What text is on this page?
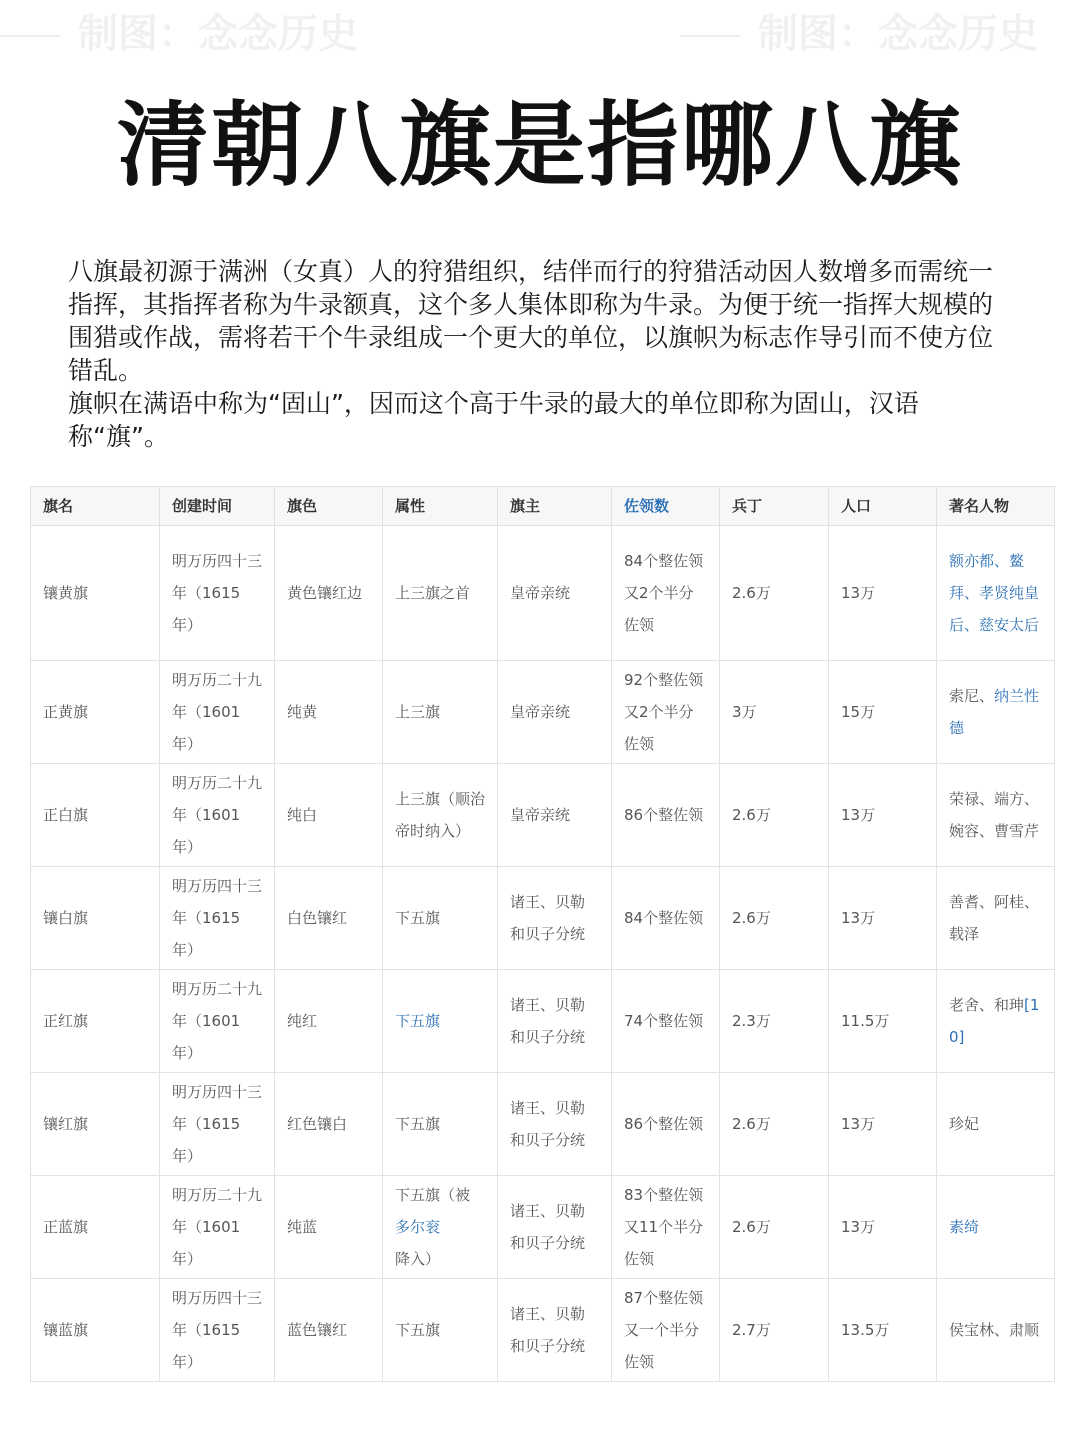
制图：念念历史	制图：念念历史
清朝八旗是指哪八旗

八旗最初源于满洲（女真）人的狩猎组织，结伴而行的狩猎活动因人数增多而需统一指挥，其指挥者称为牛录额真，这个多人集体即称为牛录。为便于统一指挥大规模的围猎或作战，需将若干个牛录组成一个更大的单位，以旗帜为标志作导引而不使方位错乱。

旗帜在满语中称为“固山”，因而这个高于牛录的最大的单位即称为固山，汉语称“旗”。

旗名	创建时间	旗色	属性	旗主	佐领数	兵丁	人口	著名人物
镶黄旗	明万历四十三年（1615年）	黄色镶红边	上三旗之首	皇帝亲统	84个整佐领又2个半分佐领	2.6万	13万	额亦都、鳌拜、孝贤纯皇后、慈安太后
正黄旗	明万历二十九年（1601年）	纯黄	上三旗	皇帝亲统	92个整佐领又2个半分佐领	3万	15万	索尼、纳兰性德
正白旗	明万历二十九年（1601年）	纯白	上三旗（顺治帝时纳入）	皇帝亲统	86个整佐领	2.6万	13万	荣禄、端方、婉容、曹雪芹
镶白旗	明万历四十三年（1615年）	白色镶红	下五旗	诸王、贝勒和贝子分统	84个整佐领	2.6万	13万	善耆、阿桂、载泽
正红旗	明万历二十九年（1601年）	纯红	下五旗	诸王、贝勒和贝子分统	74个整佐领	2.3万	11.5万	老舍、和珅[10]
镶红旗	明万历四十三年（1615年）	红色镶白	下五旗	诸王、贝勒和贝子分统	86个整佐领	2.6万	13万	珍妃
正蓝旗	明万历二十九年（1601年）	纯蓝	下五旗（被多尔衮降入）	诸王、贝勒和贝子分统	83个整佐领又11个半分佐领	2.6万	13万	素绮
镶蓝旗	明万历四十三年（1615年）	蓝色镶红	下五旗	诸王、贝勒和贝子分统	87个整佐领又一个半分佐领	2.7万	13.5万	侯宝林、肃顺
